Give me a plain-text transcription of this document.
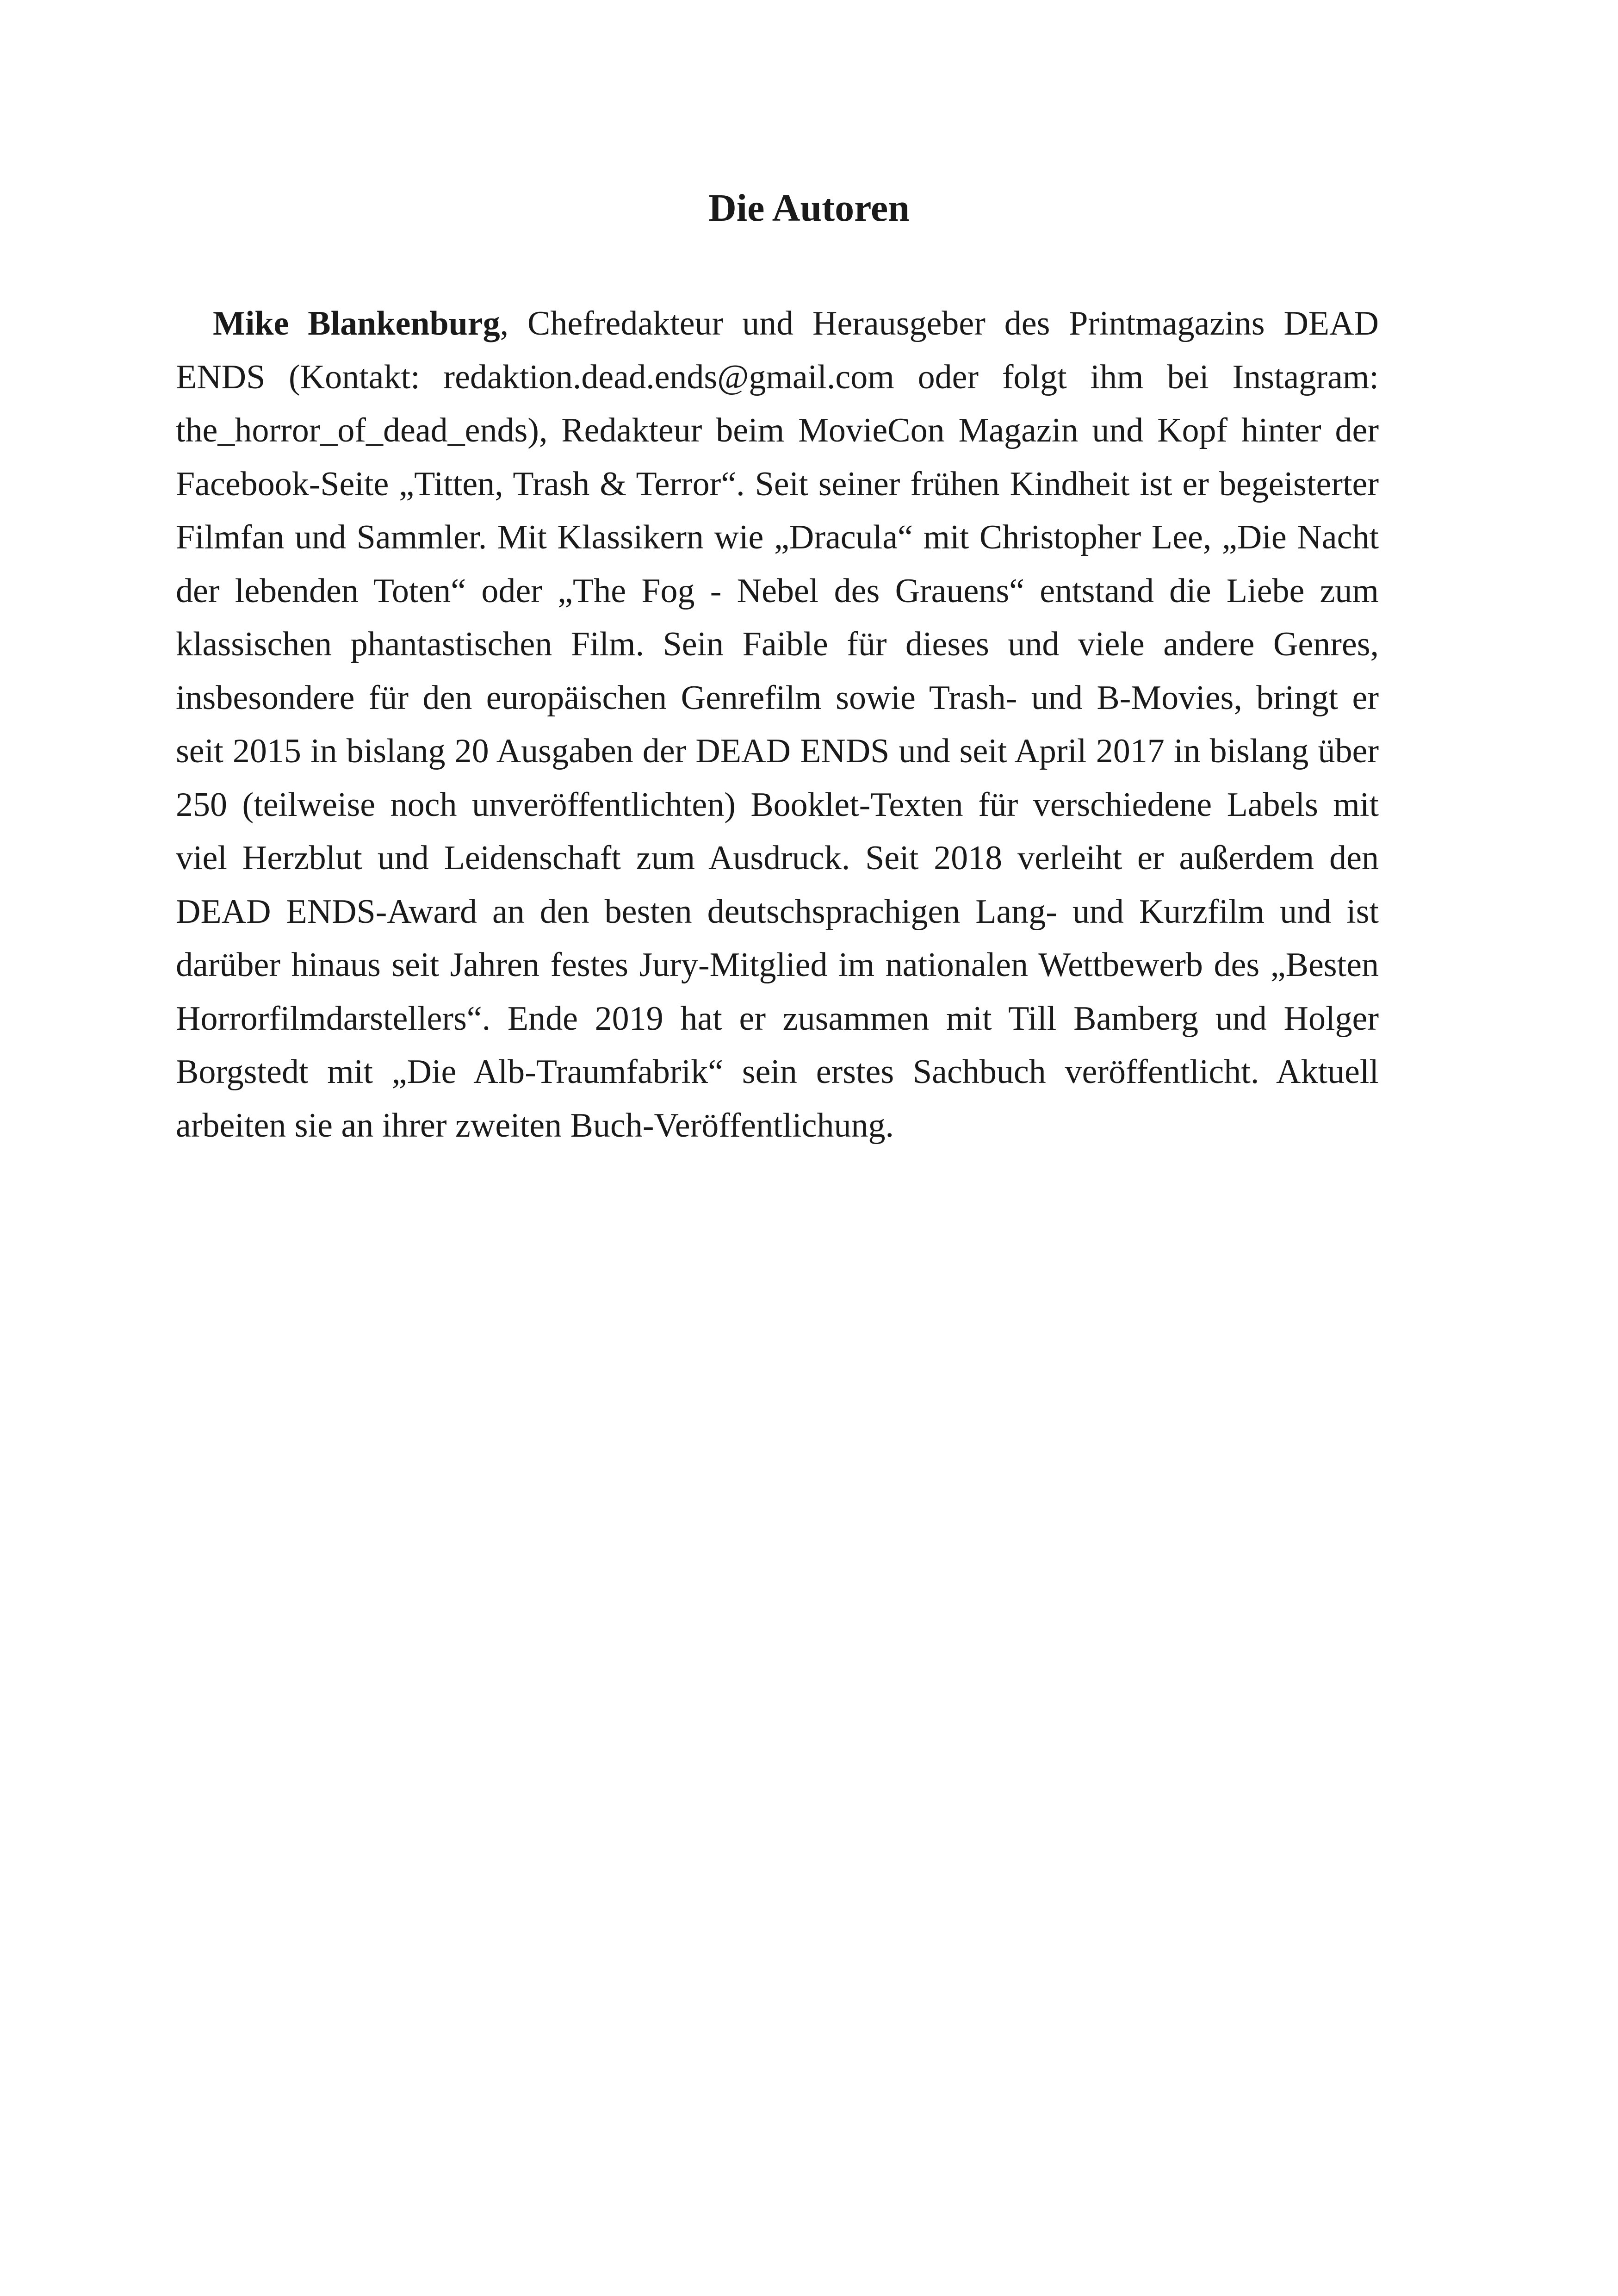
Die Autoren

Mike Blankenburg, Chefredakteur und Herausgeber des Printmagazins DEAD ENDS (Kontakt: redaktion.dead.ends@gmail.com oder folgt ihm bei Instagram: the_horror_of_dead_ends), Redakteur beim MovieCon Magazin und Kopf hinter der Facebook-Seite „Titten, Trash & Terror“. Seit seiner frühen Kindheit ist er begeisterter Filmfan und Sammler. Mit Klassikern wie „Dracula“ mit Christopher Lee, „Die Nacht der lebenden Toten“ oder „The Fog - Nebel des Grauens“ entstand die Liebe zum klassischen phantastischen Film. Sein Faible für dieses und viele andere Genres, insbesondere für den europäischen Genrefilm sowie Trash- und B-Movies, bringt er seit 2015 in bislang 20 Ausgaben der DEAD ENDS und seit April 2017 in bislang über 250 (teilweise noch unveröffentlichten) Booklet-Texten für verschiedene Labels mit viel Herzblut und Leidenschaft zum Ausdruck. Seit 2018 verleiht er außerdem den DEAD ENDS-Award an den besten deutschsprachigen Lang- und Kurzfilm und ist darüber hinaus seit Jahren festes Jury-Mitglied im nationalen Wettbewerb des „Besten Horrorfilmdarstellers“. Ende 2019 hat er zusammen mit Till Bamberg und Holger Borgstedt mit „Die Alb-Traumfabrik“ sein erstes Sachbuch veröffentlicht. Aktuell arbeiten sie an ihrer zweiten Buch-Veröffentlichung.
